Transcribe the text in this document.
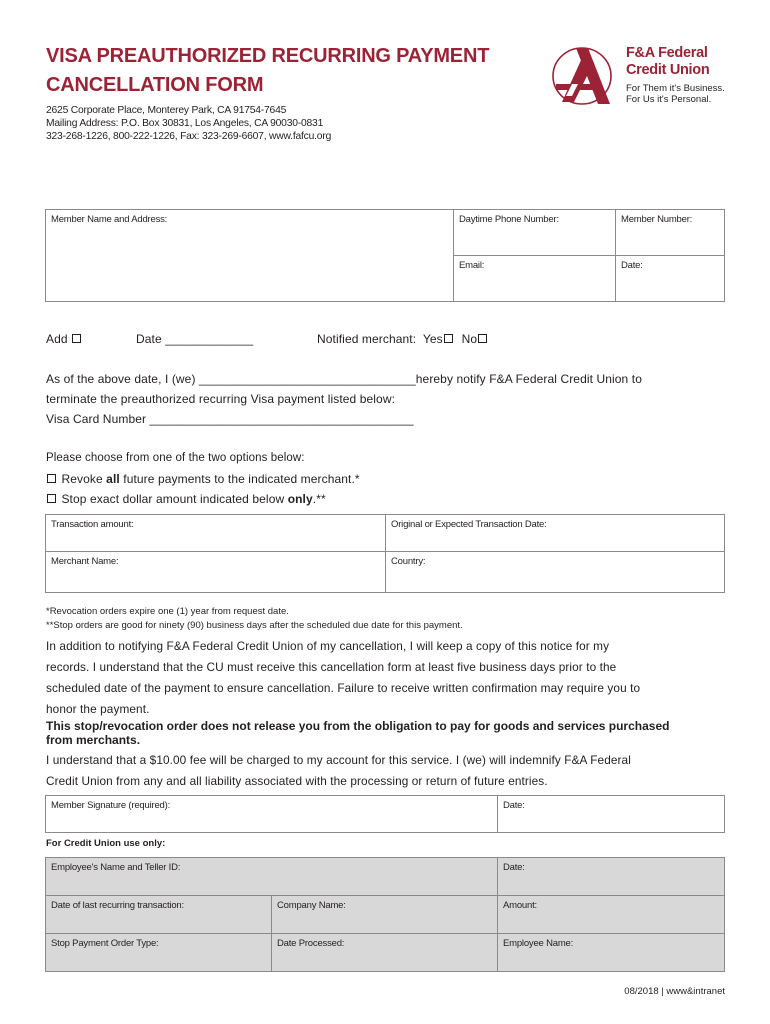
VISA PREAUTHORIZED RECURRING PAYMENT
CANCELLATION FORM
2625 Corporate Place, Monterey Park, CA 91754-7645
Mailing Address: P.O. Box 30831, Los Angeles, CA 90030-0831
323-268-1226, 800-222-1226, Fax: 323-269-6607, www.fafcu.org
F&A Federal
Credit Union
For Them it's Business.
For Us it's Personal.
Member Name and Address:	Daytime Phone Number:	Member Number:
	Email:	Date:
Add	Date _____________	Notified merchant: Yes No
As of the above date, I (we) ________________________________hereby notify F&A Federal Credit Union to
terminate the preauthorized recurring Visa payment listed below:
Visa Card Number _______________________________________
Please choose from one of the two options below:
Revoke all future payments to the indicated merchant.*
Stop exact dollar amount indicated below only.**
Transaction amount:	Original or Expected Transaction Date:
Merchant Name:	Country:
*Revocation orders expire one (1) year from request date.
**Stop orders are good for ninety (90) business days after the scheduled due date for this payment.
In addition to notifying F&A Federal Credit Union of my cancellation, I will keep a copy of this notice for my
records. I understand that the CU must receive this cancellation form at least five business days prior to the
scheduled date of the payment to ensure cancellation. Failure to receive written confirmation may require you to
honor the payment.
This stop/revocation order does not release you from the obligation to pay for goods and services purchased
from merchants.
I understand that a $10.00 fee will be charged to my account for this service. I (we) will indemnify F&A Federal
Credit Union from any and all liability associated with the processing or return of future entries.
Member Signature (required):	Date:
For Credit Union use only:
Employee's Name and Teller ID:		Date:
Date of last recurring transaction:	Company Name:	Amount:
Stop Payment Order Type:	Date Processed:	Employee Name:
08/2018 | www&intranet
